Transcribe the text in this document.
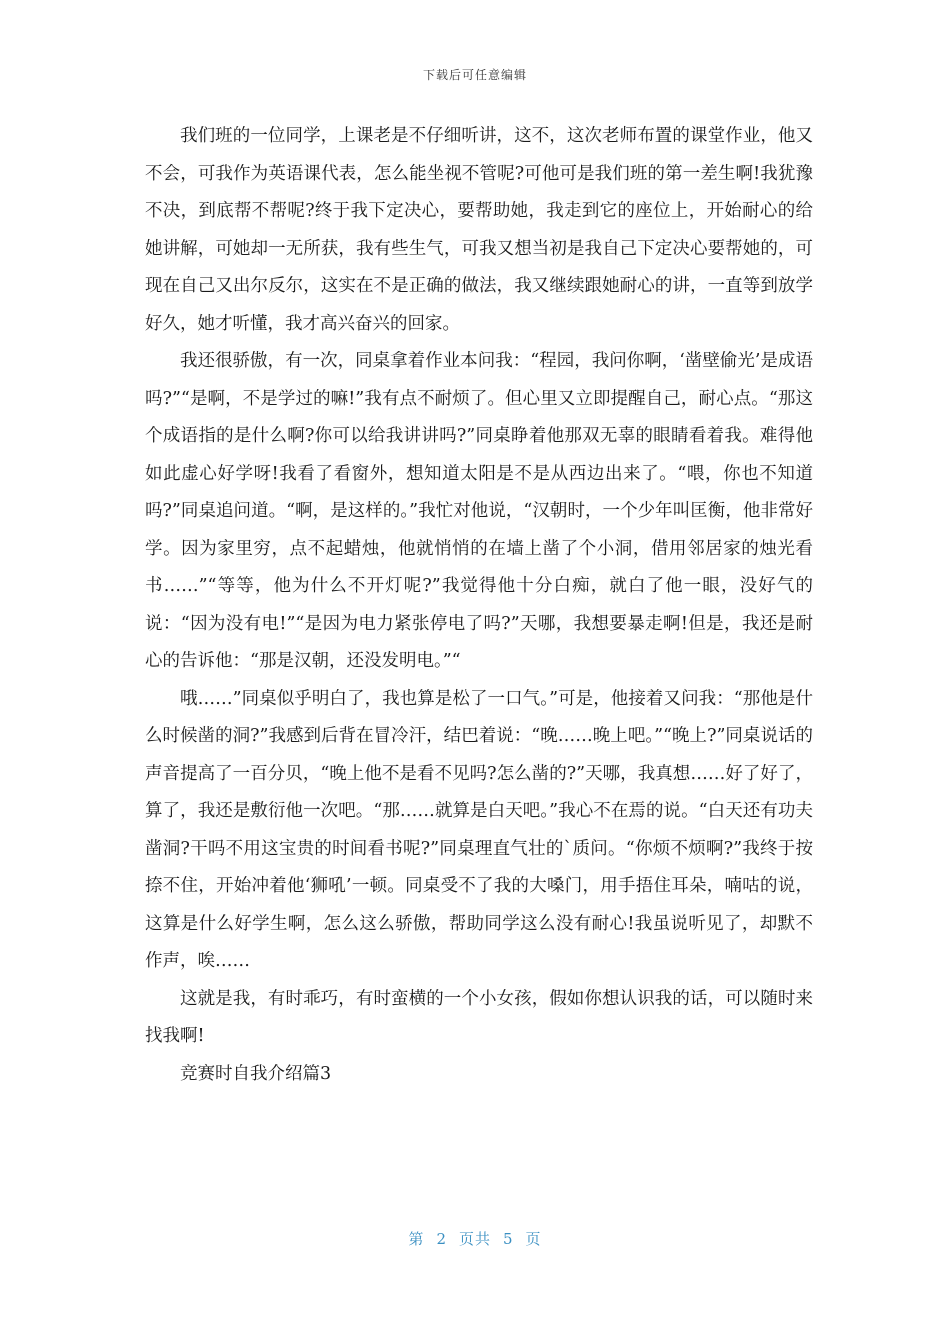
下载后可任意编辑

我们班的一位同学，上课老是不仔细听讲，这不，这次老师布置的课堂作业，他又不会，可我作为英语课代表，怎么能坐视不管呢?可他可是我们班的第一差生啊!我犹豫不决，到底帮不帮呢?终于我下定决心，要帮助她，我走到它的座位上，开始耐心的给她讲解，可她却一无所获，我有些生气，可我又想当初是我自己下定决心要帮她的，可现在自己又出尔反尔，这实在不是正确的做法，我又继续跟她耐心的讲，一直等到放学好久，她才听懂，我才高兴奋兴的回家。

我还很骄傲，有一次，同桌拿着作业本问我：“程园，我问你啊，‘凿壁偷光’是成语吗?”“是啊，不是学过的嘛!”我有点不耐烦了。但心里又立即提醒自己，耐心点。“那这个成语指的是什么啊?你可以给我讲讲吗?”同桌睁着他那双无辜的眼睛看着我。难得他如此虚心好学呀!我看了看窗外，想知道太阳是不是从西边出来了。“喂，你也不知道吗?”同桌追问道。“啊，是这样的。”我忙对他说，“汉朝时，一个少年叫匡衡，他非常好学。因为家里穷，点不起蜡烛，他就悄悄的在墙上凿了个小洞，借用邻居家的烛光看书……”“等等，他为什么不开灯呢?”我觉得他十分白痴，就白了他一眼，没好气的说：“因为没有电!”“是因为电力紧张停电了吗?”天哪，我想要暴走啊!但是，我还是耐心的告诉他：“那是汉朝，还没发明电。”“

哦……”同桌似乎明白了，我也算是松了一口气。”可是，他接着又问我：“那他是什么时候凿的洞?”我感到后背在冒冷汗，结巴着说：“晚……晚上吧。”“晚上?”同桌说话的声音提高了一百分贝，“晚上他不是看不见吗?怎么凿的?”天哪，我真想……好了好了，算了，我还是敷衍他一次吧。“那……就算是白天吧。”我心不在焉的说。“白天还有功夫凿洞?干吗不用这宝贵的时间看书呢?”同桌理直气壮的`质问。“你烦不烦啊?”我终于按捺不住，开始冲着他‘狮吼’一顿。同桌受不了我的大嗓门，用手捂住耳朵，喃咕的说，这算是什么好学生啊，怎么这么骄傲，帮助同学这么没有耐心!我虽说听见了，却默不作声，唉……

这就是我，有时乖巧，有时蛮横的一个小女孩，假如你想认识我的话，可以随时来找我啊!

竞赛时自我介绍篇3

第 2 页共 5 页
